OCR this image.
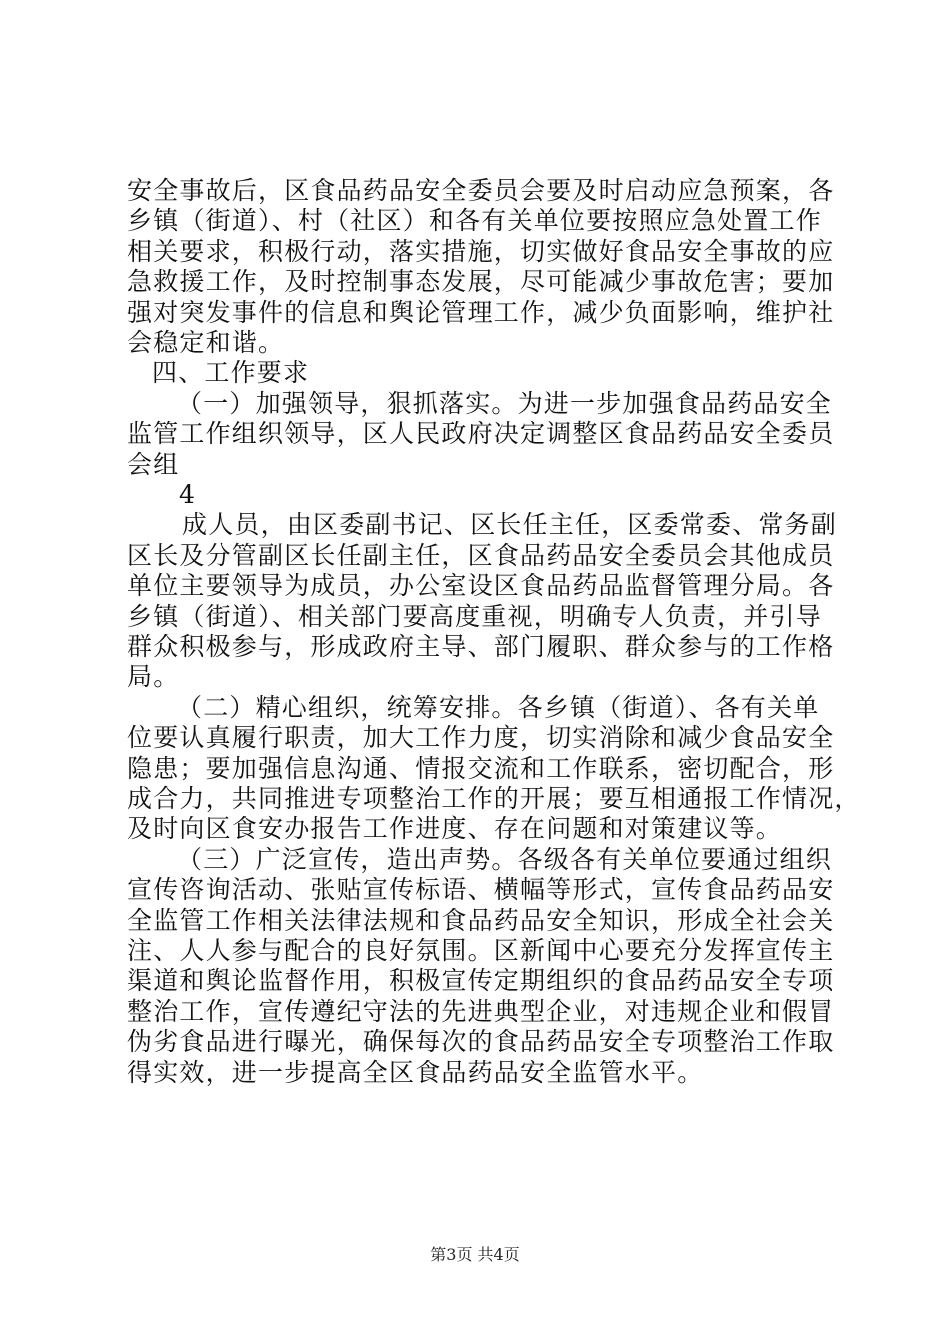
安全事故后，区食品药品安全委员会要及时启动应急预案，各
乡镇（街道）、村（社区）和各有关单位要按照应急处置工作
相关要求，积极行动，落实措施，切实做好食品安全事故的应
急救援工作，及时控制事态发展，尽可能减少事故危害；要加
强对突发事件的信息和舆论管理工作，减少负面影响，维护社
会稳定和谐。
四、工作要求
（一）加强领导，狠抓落实。为进一步加强食品药品安全
监管工作组织领导，区人民政府决定调整区食品药品安全委员
会组
4
成人员，由区委副书记、区长任主任，区委常委、常务副
区长及分管副区长任副主任，区食品药品安全委员会其他成员
单位主要领导为成员，办公室设区食品药品监督管理分局。各
乡镇（街道）、相关部门要高度重视，明确专人负责，并引导
群众积极参与，形成政府主导、部门履职、群众参与的工作格
局。
（二）精心组织，统筹安排。各乡镇（街道）、各有关单
位要认真履行职责，加大工作力度，切实消除和减少食品安全
隐患；要加强信息沟通、情报交流和工作联系，密切配合，形
成合力，共同推进专项整治工作的开展；要互相通报工作情况，
及时向区食安办报告工作进度、存在问题和对策建议等。
（三）广泛宣传，造出声势。各级各有关单位要通过组织
宣传咨询活动、张贴宣传标语、横幅等形式，宣传食品药品安
全监管工作相关法律法规和食品药品安全知识，形成全社会关
注、人人参与配合的良好氛围。区新闻中心要充分发挥宣传主
渠道和舆论监督作用，积极宣传定期组织的食品药品安全专项
整治工作，宣传遵纪守法的先进典型企业，对违规企业和假冒
伪劣食品进行曝光，确保每次的食品药品安全专项整治工作取
得实效，进一步提高全区食品药品安全监管水平。
第3页 共4页
